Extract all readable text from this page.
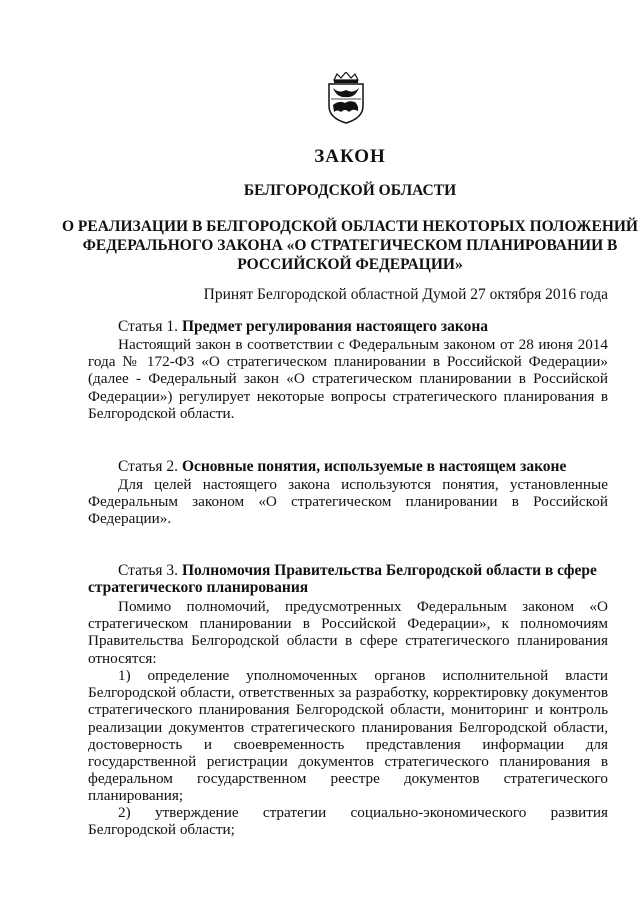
ЗАКОН
БЕЛГОРОДСКОЙ ОБЛАСТИ
О РЕАЛИЗАЦИИ В БЕЛГОРОДСКОЙ ОБЛАСТИ НЕКОТОРЫХ ПОЛОЖЕНИЙ ФЕДЕРАЛЬНОГО ЗАКОНА «О СТРАТЕГИЧЕСКОМ ПЛАНИРОВАНИИ В РОССИЙСКОЙ ФЕДЕРАЦИИ»
Принят Белгородской областной Думой 27 октября 2016 года
Статья 1. Предмет регулирования настоящего закона
Настоящий закон в соответствии с Федеральным законом от 28 июня 2014 года № 172-ФЗ «О стратегическом планировании в Российской Федерации» (далее - Федеральный закон «О стратегическом планировании в Российской Федерации») регулирует некоторые вопросы стратегического планирования в Белгородской области.
Статья 2. Основные понятия, используемые в настоящем законе
Для целей настоящего закона используются понятия, установленные Федеральным законом «О стратегическом планировании в Российской Федерации».
Статья 3. Полномочия Правительства Белгородской области в сфере стратегического планирования
Помимо полномочий, предусмотренных Федеральным законом «О стратегическом планировании в Российской Федерации», к полномочиям Правительства Белгородской области в сфере стратегического планирования относятся:
1) определение уполномоченных органов исполнительной власти Белгородской области, ответственных за разработку, корректировку документов стратегического планирования Белгородской области, мониторинг и контроль реализации документов стратегического планирования Белгородской области, достоверность и своевременность представления информации для государственной регистрации документов стратегического планирования в федеральном государственном реестре документов стратегического планирования;
2) утверждение стратегии социально-экономического развития Белгородской области;
